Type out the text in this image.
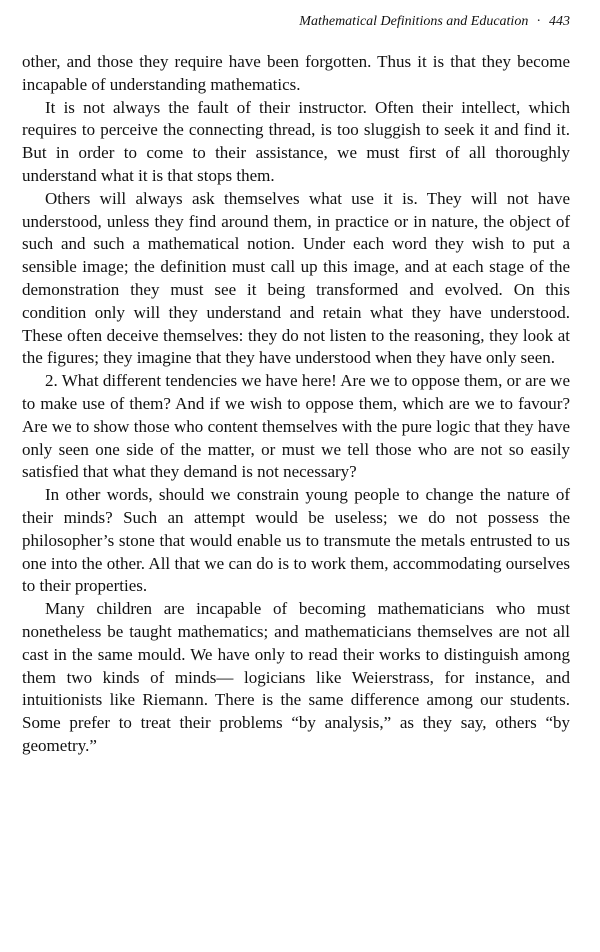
Mathematical Definitions and Education · 443

other, and those they require have been forgotten. Thus it is that they become incapable of understanding mathematics.

It is not always the fault of their instructor. Often their intellect, which requires to perceive the connecting thread, is too sluggish to seek it and find it. But in order to come to their assistance, we must first of all thoroughly understand what it is that stops them.

Others will always ask themselves what use it is. They will not have understood, unless they find around them, in practice or in nature, the object of such and such a mathematical notion. Under each word they wish to put a sensible image; the definition must call up this image, and at each stage of the demonstration they must see it being transformed and evolved. On this condition only will they understand and retain what they have understood. These often deceive themselves: they do not listen to the reasoning, they look at the figures; they imagine that they have understood when they have only seen.

2. What different tendencies we have here! Are we to oppose them, or are we to make use of them? And if we wish to oppose them, which are we to favour? Are we to show those who content themselves with the pure logic that they have only seen one side of the matter, or must we tell those who are not so easily satisfied that what they demand is not necessary?

In other words, should we constrain young people to change the nature of their minds? Such an attempt would be useless; we do not possess the philosopher’s stone that would enable us to transmute the metals entrusted to us one into the other. All that we can do is to work them, accommodating ourselves to their properties.

Many children are incapable of becoming mathematicians who must nonetheless be taught mathematics; and mathematicians themselves are not all cast in the same mould. We have only to read their works to distinguish among them two kinds of minds— logicians like Weierstrass, for instance, and intuitionists like Riemann. There is the same difference among our students. Some prefer to treat their problems “by analysis,” as they say, others “by geometry.”
